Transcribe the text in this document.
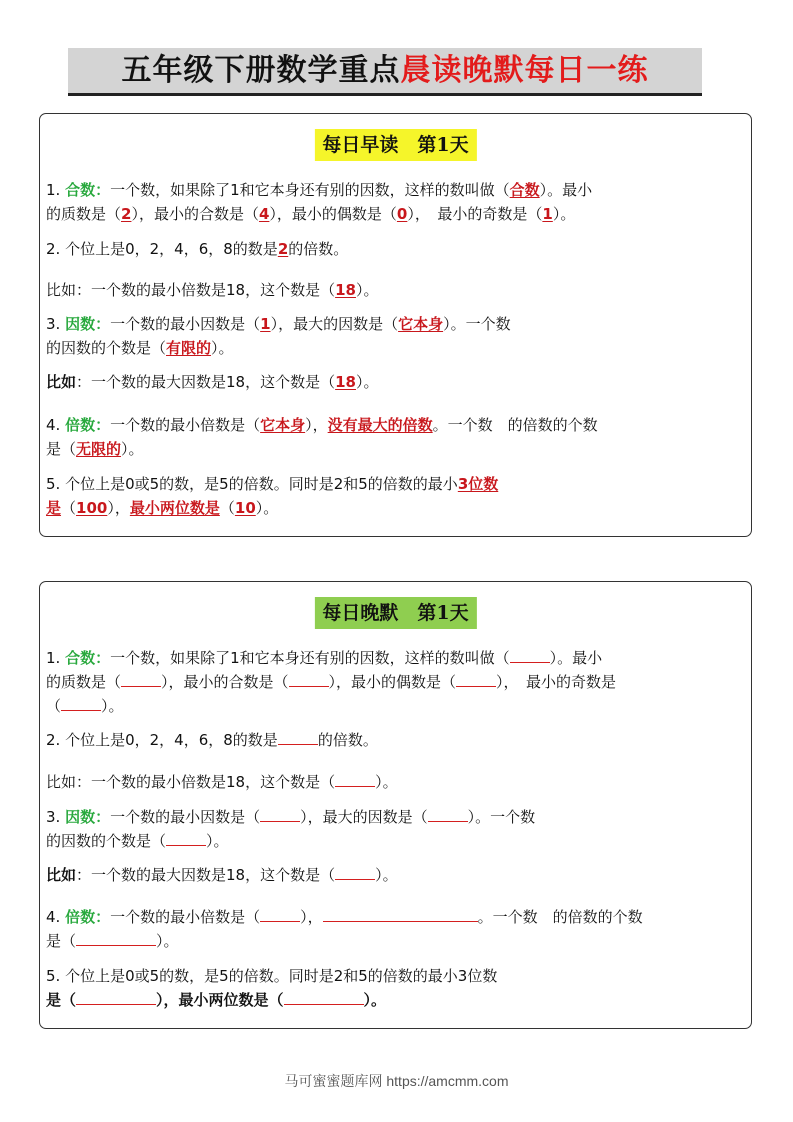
五年级下册数学重点晨读晚默每日一练
每日早读　第1天
1. 合数：一个数，如果除了1和它本身还有别的因数，这样的数叫做（合数）。最小
的质数是（2），最小的合数是（4），最小的偶数是（0），　最小的奇数是（1）。
2. 个位上是0，2，4，6，8的数是2的倍数。
比如：一个数的最小倍数是18，这个数是（18）。
3. 因数：一个数的最小因数是（1），最大的因数是（它本身）。一个数
的因数的个数是（有限的）。
比如：一个数的最大因数是18，这个数是（18）。
4. 倍数：一个数的最小倍数是（它本身），没有最大的倍数。一个数　的倍数的个数
是（无限的）。
5. 个位上是0或5的数，是5的倍数。同时是2和5的倍数的最小3位数
是（100），最小两位数是（10）。
每日晚默　第1天
1. 合数：一个数，如果除了1和它本身还有别的因数，这样的数叫做（	）。最小
的质数是（	），最小的合数是（	），最小的偶数是（	），　最小的奇数是
（	）。
2. 个位上是0，2，4，6，8的数是	的倍数。
比如：一个数的最小倍数是18，这个数是（	）。
3. 因数：一个数的最小因数是（	），最大的因数是（	）。一个数
的因数的个数是（	）。
比如：一个数的最大因数是18，这个数是（	）。
4. 倍数：一个数的最小倍数是（	），	。一个数　的倍数的个数
是（	）。
5. 个位上是0或5的数，是5的倍数。同时是2和5的倍数的最小3位数
是（	），最小两位数是（	）。
马可蜜蜜题库网 https://amcmm.com
